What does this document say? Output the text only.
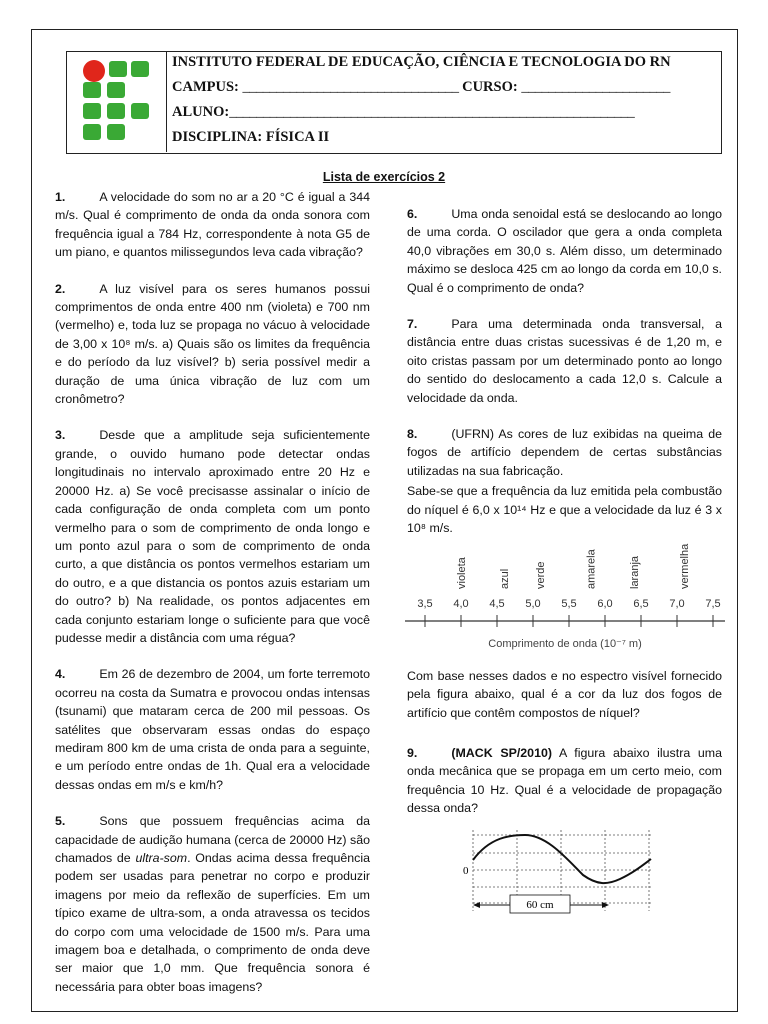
INSTITUTO FEDERAL DE EDUCAÇÃO, CIÊNCIA E TECNOLOGIA DO RN
CAMPUS: ________________________________ CURSO: ______________________
ALUNO:____________________________________________________________
DISCIPLINA: FÍSICA II
Lista de exercícios 2

1.	A velocidade do som no ar a 20 °C é igual a 344 m/s. Qual é comprimento de onda da onda sonora com frequência igual a 784 Hz, correspondente à nota G5 de um piano, e quantos milissegundos leva cada vibração?

2.	A luz visível para os seres humanos possui comprimentos de onda entre 400 nm (violeta) e 700 nm (vermelho) e, toda luz se propaga no vácuo à velocidade de 3,00 x 10⁸ m/s. a) Quais são os limites da frequência e do período da luz visível? b) seria possível medir a duração de uma única vibração de luz com um cronômetro?

3.	Desde que a amplitude seja suficientemente grande, o ouvido humano pode detectar ondas longitudinais no intervalo aproximado entre 20 Hz e 20000 Hz. a) Se você precisasse assinalar o início de cada configuração de onda completa com um ponto vermelho para o som de comprimento de onda longo e um ponto azul para o som de comprimento de onda curto, a que distância os pontos vermelhos estariam um do outro, e a que distancia os pontos azuis estariam um do outro? b) Na realidade, os pontos adjacentes em cada conjunto estariam longe o suficiente para que você pudesse medir a distância com uma régua?

4.	Em 26 de dezembro de 2004, um forte terremoto ocorreu na costa da Sumatra e provocou ondas intensas (tsunami) que mataram cerca de 200 mil pessoas. Os satélites que observaram essas ondas do espaço mediram 800 km de uma crista de onda para a seguinte, e um período entre ondas de 1h. Qual era a velocidade dessas ondas em m/s e km/h?

5.	Sons que possuem frequências acima da capacidade de audição humana (cerca de 20000 Hz) são chamados de ultra-som. Ondas acima dessa frequência podem ser usadas para penetrar no corpo e produzir imagens por meio da reflexão de superfícies. Em um típico exame de ultra-som, a onda atravessa os tecidos do corpo com uma velocidade de 1500 m/s. Para uma imagem boa e detalhada, o comprimento de onda deve ser maior que 1,0 mm. Que frequência sonora é necessária para obter boas imagens?

6.	Uma onda senoidal está se deslocando ao longo de uma corda. O oscilador que gera a onda completa 40,0 vibrações em 30,0 s. Além disso, um determinado máximo se desloca 425 cm ao longo da corda em 10,0 s. Qual é o comprimento de onda?

7.	Para uma determinada onda transversal, a distância entre duas cristas sucessivas é de 1,20 m, e oito cristas passam por um determinado ponto ao longo do sentido do deslocamento a cada 12,0 s. Calcule a velocidade da onda.

8.	(UFRN) As cores de luz exibidas na queima de fogos de artifício dependem de certas substâncias utilizadas na sua fabricação.

Sabe-se que a frequência da luz emitida pela combustão do níquel é 6,0 x 10¹⁴ Hz e que a velocidade da luz é 3 x 10⁸ m/s.

Com base nesses dados e no espectro visível fornecido pela figura abaixo, qual é a cor da luz dos fogos de artifício que contêm compostos de níquel?

9.	(MACK SP/2010) A figura abaixo ilustra uma onda mecânica que se propaga em um certo meio, com frequência 10 Hz. Qual é a velocidade de propagação dessa onda?

3,5 4,0 4,5 5,0 5,5 6,0 6,5 7,0 7,5
violeta	azul verde	amarela	laranja	vermelha
Comprimento de onda (10⁻⁷ m)
0
60 cm
